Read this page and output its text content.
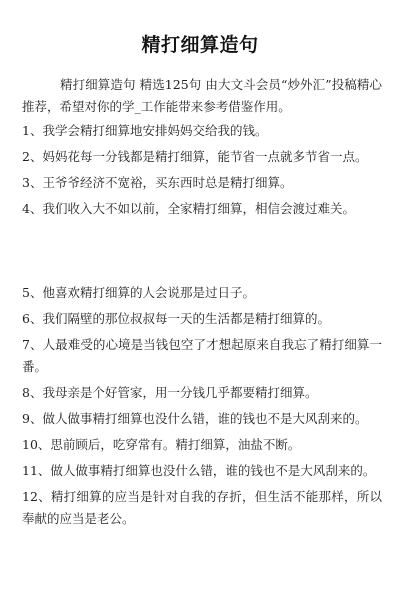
精打细算造句
精打细算造句 精选125句 由大文斗会员“炒外汇”投稿精心推荐，希望对你的学_工作能带来参考借鉴作用。

1、我学会精打细算地安排妈妈交给我的钱。

2、妈妈花每一分钱都是精打细算，能节省一点就多节省一点。

3、王爷爷经济不宽裕，买东西时总是精打细算。

4、我们收入大不如以前，全家精打细算，相信会渡过难关。

5、他喜欢精打细算的人会说那是过日子。

6、我们隔壁的那位叔叔每一天的生活都是精打细算的。

7、人最难受的心境是当钱包空了才想起原来自我忘了精打细算一番。

8、我母亲是个好管家，用一分钱几乎都要精打细算。

9、做人做事精打细算也没什么错，谁的钱也不是大风刮来的。

10、思前顾后，吃穿常有。精打细算，油盐不断。

11、做人做事精打细算也没什么错，谁的钱也不是大风刮来的。

12、精打细算的应当是针对自我的存折，但生活不能那样，所以奉献的应当是老公。
